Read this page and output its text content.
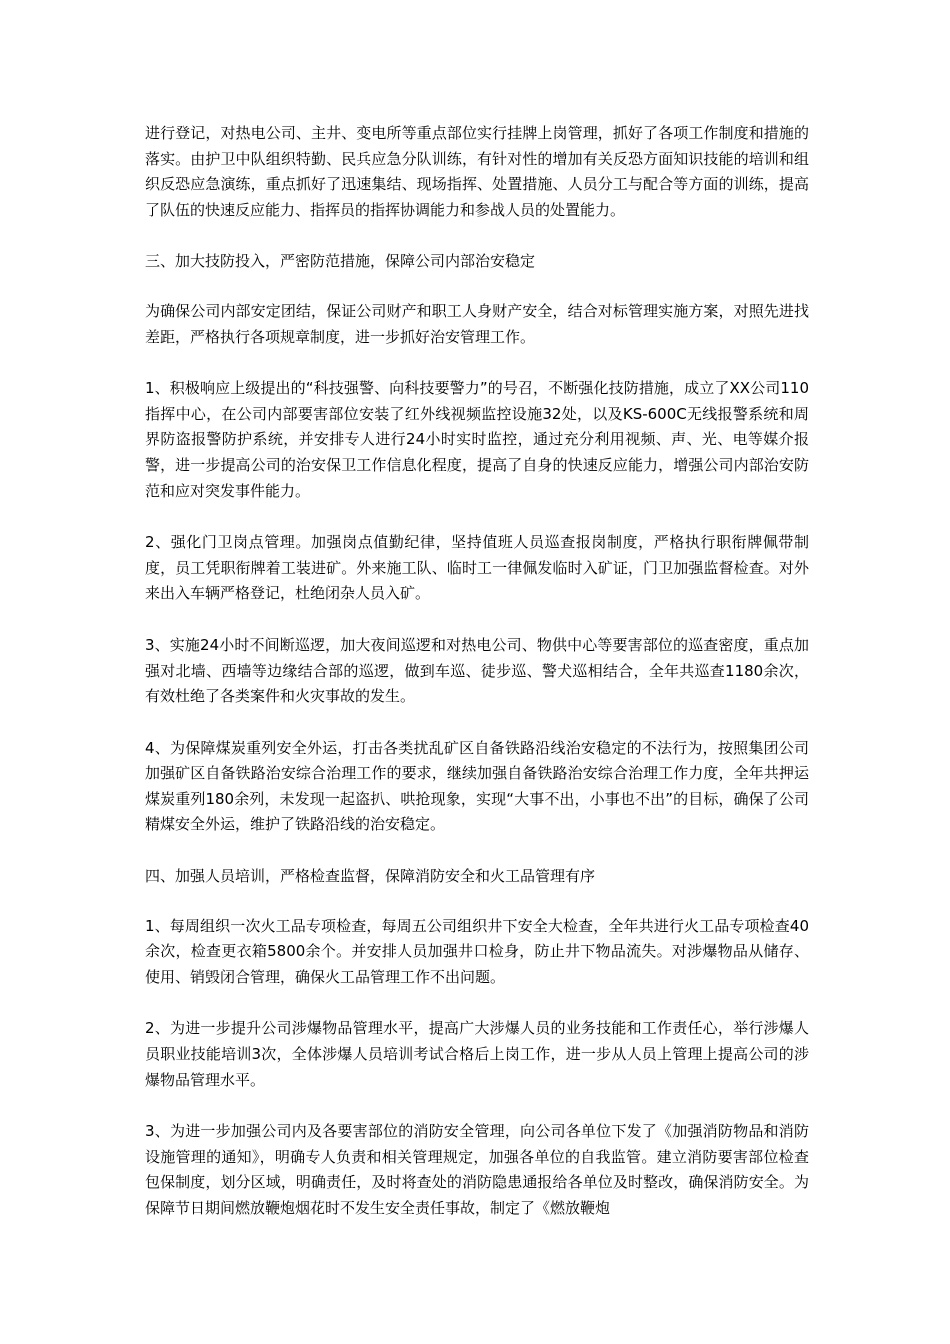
进行登记，对热电公司、主井、变电所等重点部位实行挂牌上岗管理，抓好了各项工作制度和措施的落实。由护卫中队组织特勤、民兵应急分队训练，有针对性的增加有关反恐方面知识技能的培训和组织反恐应急演练，重点抓好了迅速集结、现场指挥、处置措施、人员分工与配合等方面的训练，提高了队伍的快速反应能力、指挥员的指挥协调能力和参战人员的处置能力。

三、加大技防投入，严密防范措施，保障公司内部治安稳定

为确保公司内部安定团结，保证公司财产和职工人身财产安全，结合对标管理实施方案，对照先进找差距，严格执行各项规章制度，进一步抓好治安管理工作。

1、积极响应上级提出的“科技强警、向科技要警力”的号召，不断强化技防措施，成立了XX公司110指挥中心，在公司内部要害部位安装了红外线视频监控设施32处，以及KS-600C无线报警系统和周界防盗报警防护系统，并安排专人进行24小时实时监控，通过充分利用视频、声、光、电等媒介报警，进一步提高公司的治安保卫工作信息化程度，提高了自身的快速反应能力，增强公司内部治安防范和应对突发事件能力。

2、强化门卫岗点管理。加强岗点值勤纪律，坚持值班人员巡查报岗制度，严格执行职衔牌佩带制度，员工凭职衔牌着工装进矿。外来施工队、临时工一律佩发临时入矿证，门卫加强监督检查。对外来出入车辆严格登记，杜绝闭杂人员入矿。

3、实施24小时不间断巡逻，加大夜间巡逻和对热电公司、物供中心等要害部位的巡查密度，重点加强对北墙、西墙等边缘结合部的巡逻，做到车巡、徒步巡、警犬巡相结合，全年共巡查1180余次，有效杜绝了各类案件和火灾事故的发生。

4、为保障煤炭重列安全外运，打击各类扰乱矿区自备铁路沿线治安稳定的不法行为，按照集团公司加强矿区自备铁路治安综合治理工作的要求，继续加强自备铁路治安综合治理工作力度，全年共押运煤炭重列180余列，未发现一起盗扒、哄抢现象，实现“大事不出，小事也不出”的目标，确保了公司精煤安全外运，维护了铁路沿线的治安稳定。

四、加强人员培训，严格检查监督，保障消防安全和火工品管理有序

1、每周组织一次火工品专项检查，每周五公司组织井下安全大检查，全年共进行火工品专项检查40余次，检查更衣箱5800余个。并安排人员加强井口检身，防止井下物品流失。对涉爆物品从储存、使用、销毁闭合管理，确保火工品管理工作不出问题。

2、为进一步提升公司涉爆物品管理水平，提高广大涉爆人员的业务技能和工作责任心，举行涉爆人员职业技能培训3次，全体涉爆人员培训考试合格后上岗工作，进一步从人员上管理上提高公司的涉爆物品管理水平。

3、为进一步加强公司内及各要害部位的消防安全管理，向公司各单位下发了《加强消防物品和消防设施管理的通知》，明确专人负责和相关管理规定，加强各单位的自我监管。建立消防要害部位检查包保制度，划分区域，明确责任，及时将查处的消防隐患通报给各单位及时整改，确保消防安全。为保障节日期间燃放鞭炮烟花时不发生安全责任事故，制定了《燃放鞭炮
